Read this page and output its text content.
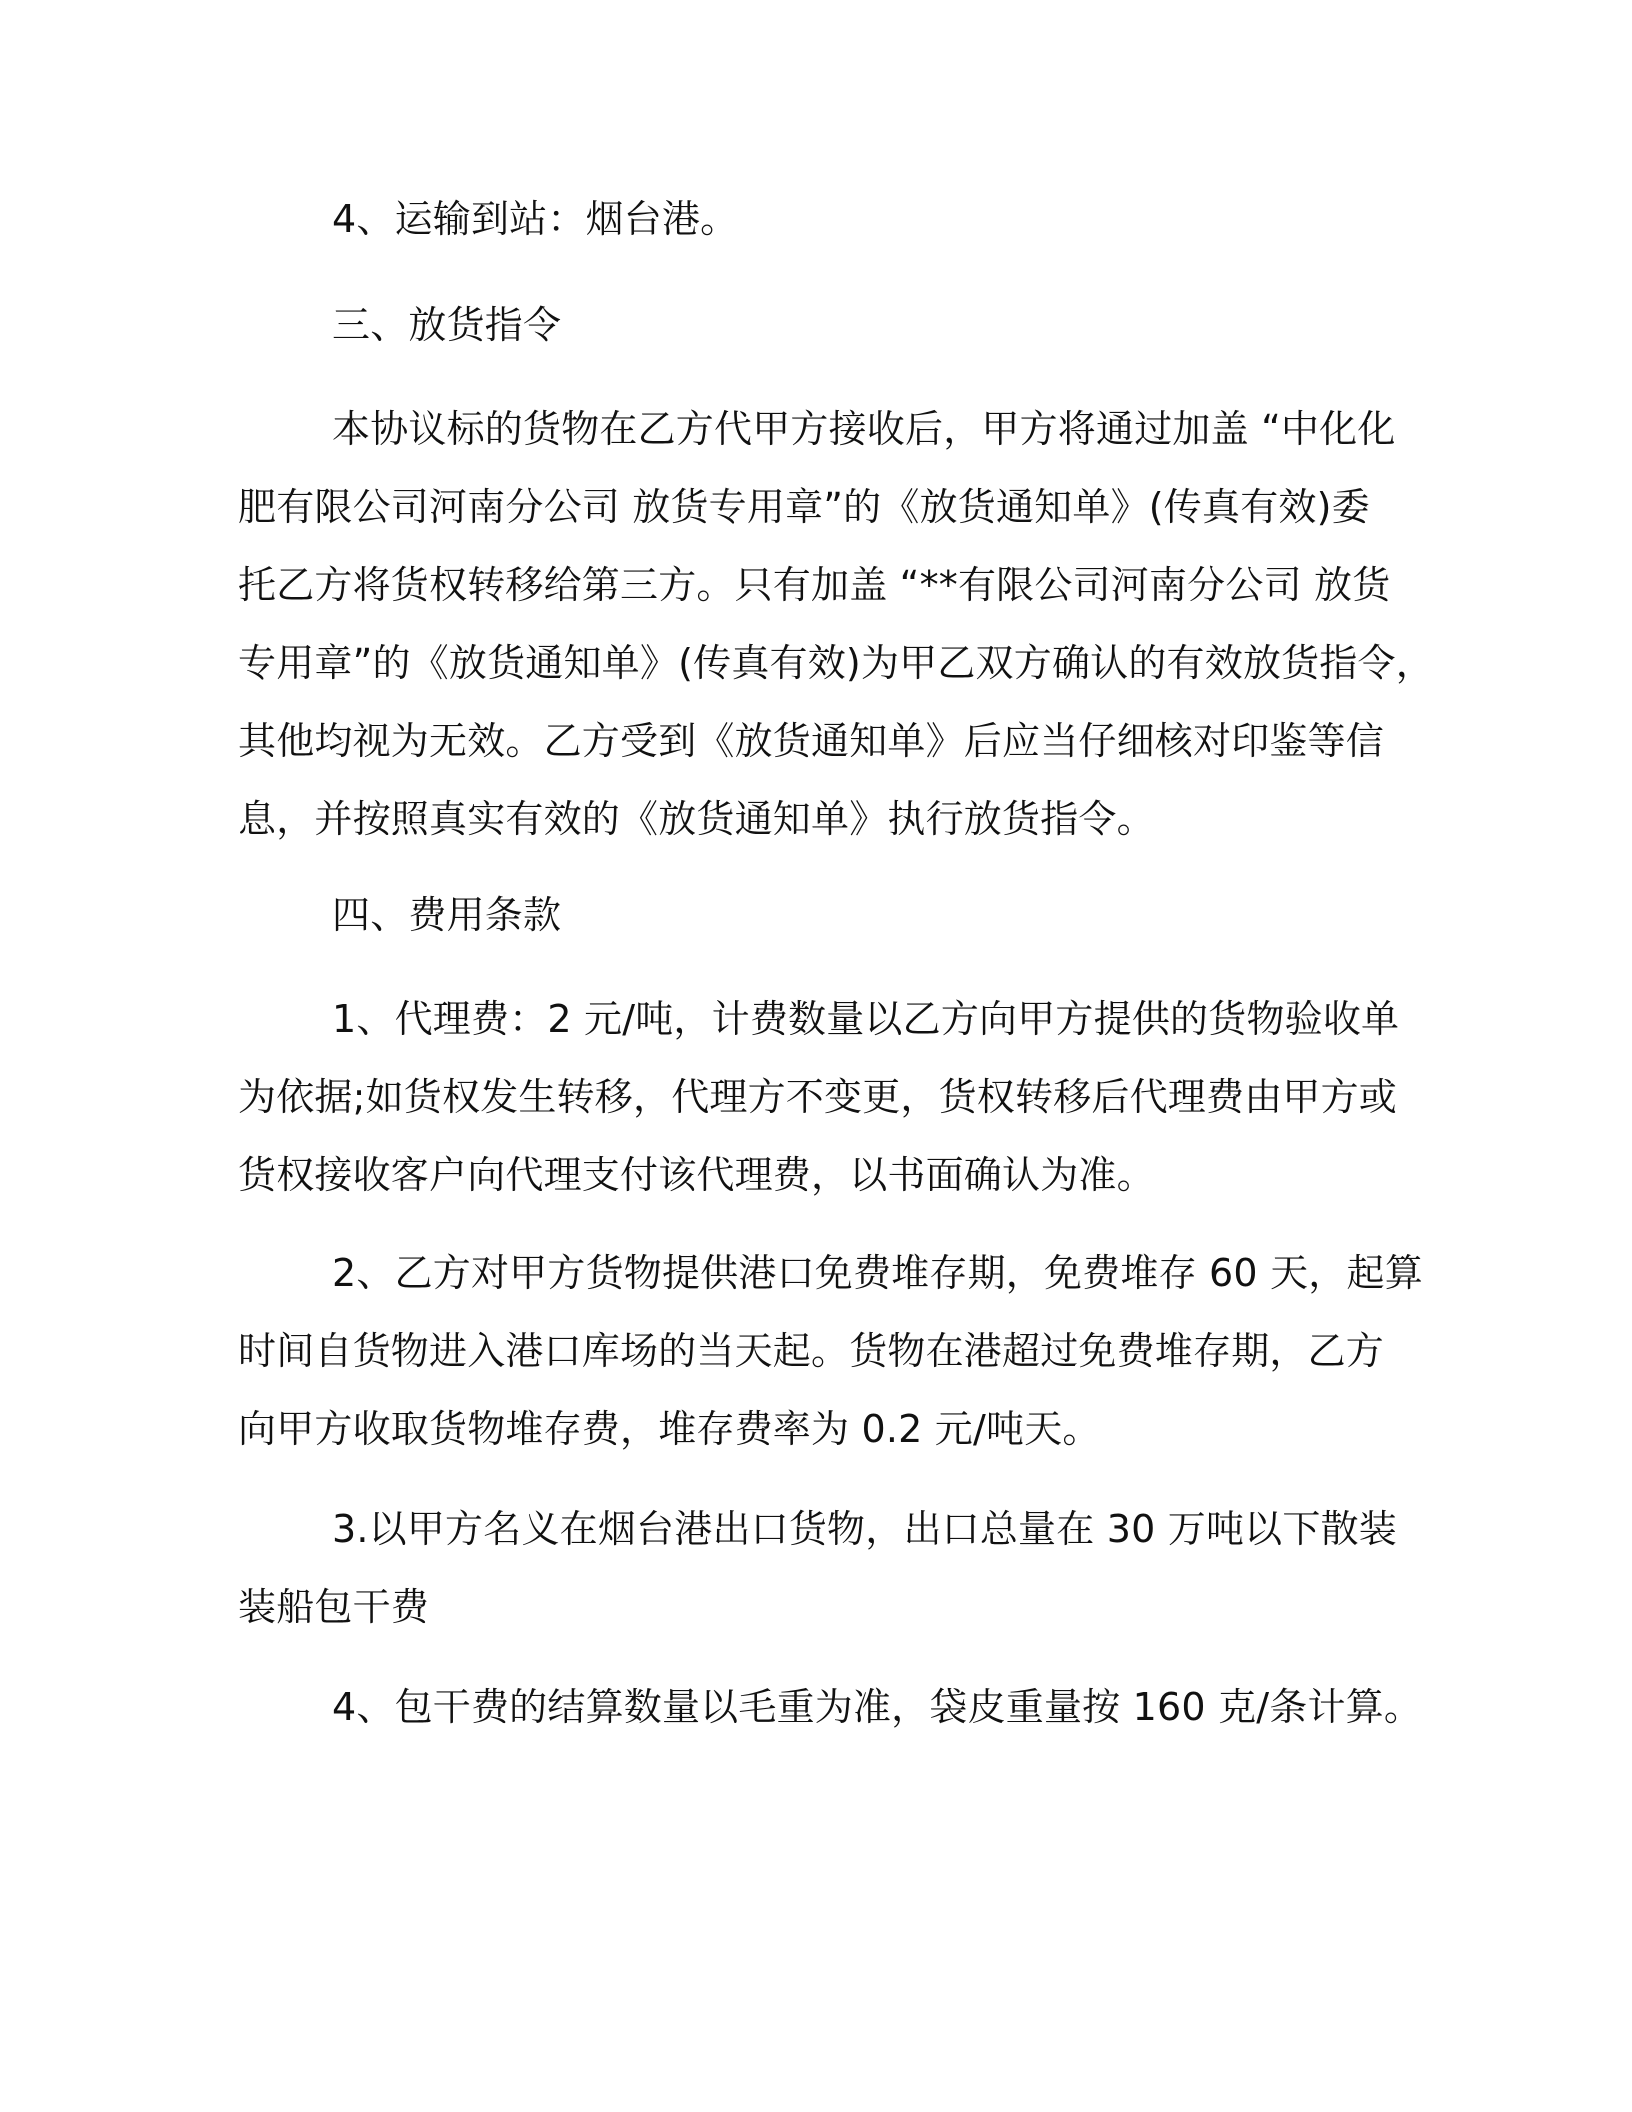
4、运输到站：烟台港。
三、放货指令
本协议标的货物在乙方代甲方接收后，甲方将通过加盖 “中化化
肥有限公司河南分公司 放货专用章”的《放货通知单》(传真有效)委
托乙方将货权转移给第三方。只有加盖 “**有限公司河南分公司 放货
专用章”的《放货通知单》(传真有效)为甲乙双方确认的有效放货指令，
其他均视为无效。乙方受到《放货通知单》后应当仔细核对印鉴等信
息，并按照真实有效的《放货通知单》执行放货指令。
四、费用条款
1、代理费：2 元/吨，计费数量以乙方向甲方提供的货物验收单
为依据;如货权发生转移，代理方不变更，货权转移后代理费由甲方或
货权接收客户向代理支付该代理费，以书面确认为准。
2、乙方对甲方货物提供港口免费堆存期，免费堆存 60 天，起算
时间自货物进入港口库场的当天起。货物在港超过免费堆存期，乙方
向甲方收取货物堆存费，堆存费率为 0.2 元/吨天。
3.以甲方名义在烟台港出口货物，出口总量在 30 万吨以下散装
装船包干费
4、包干费的结算数量以毛重为准，袋皮重量按 160 克/条计算。
